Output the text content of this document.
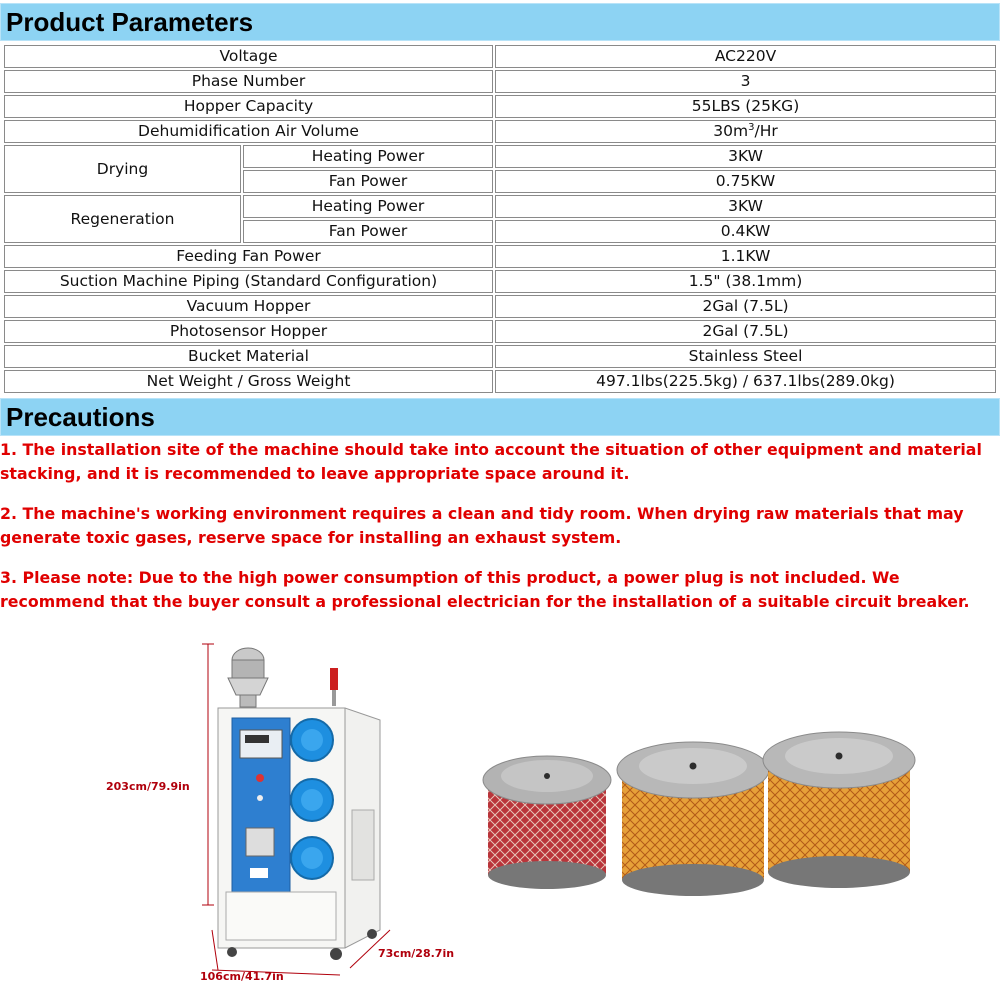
Product Parameters
Voltage		AC220V
Phase Number		3
Hopper Capacity		55LBS (25KG)
Dehumidification Air Volume		$30m^3/Hr$
Drying	Heating Power	3KW
	Fan Power	0.75KW
Regeneration	Heating Power	3KW
	Fan Power	0.4KW
Feeding Fan Power		1.1KW
Suction Machine Piping (Standard Configuration)		1.5" (38.1mm)
Vacuum Hopper		2Gal (7.5L)
Photosensor Hopper		2Gal (7.5L)
Bucket Material		Stainless Steel
Net Weight / Gross Weight		497.1lbs(225.5kg) / 637.1lbs(289.0kg)
Precautions
1. The installation site of the machine should take into account the situation of other equipment and material stacking, and it is recommended to leave appropriate space around it.
2. The machine's working environment requires a clean and tidy room. When drying raw materials that may generate toxic gases, reserve space for installing an exhaust system.
3. Please note: Due to the high power consumption of this product, a power plug is not included. We recommend that the buyer consult a professional electrician for the installation of a suitable circuit breaker.
203cm/79.9in
106cm/41.7in
73cm/28.7in
